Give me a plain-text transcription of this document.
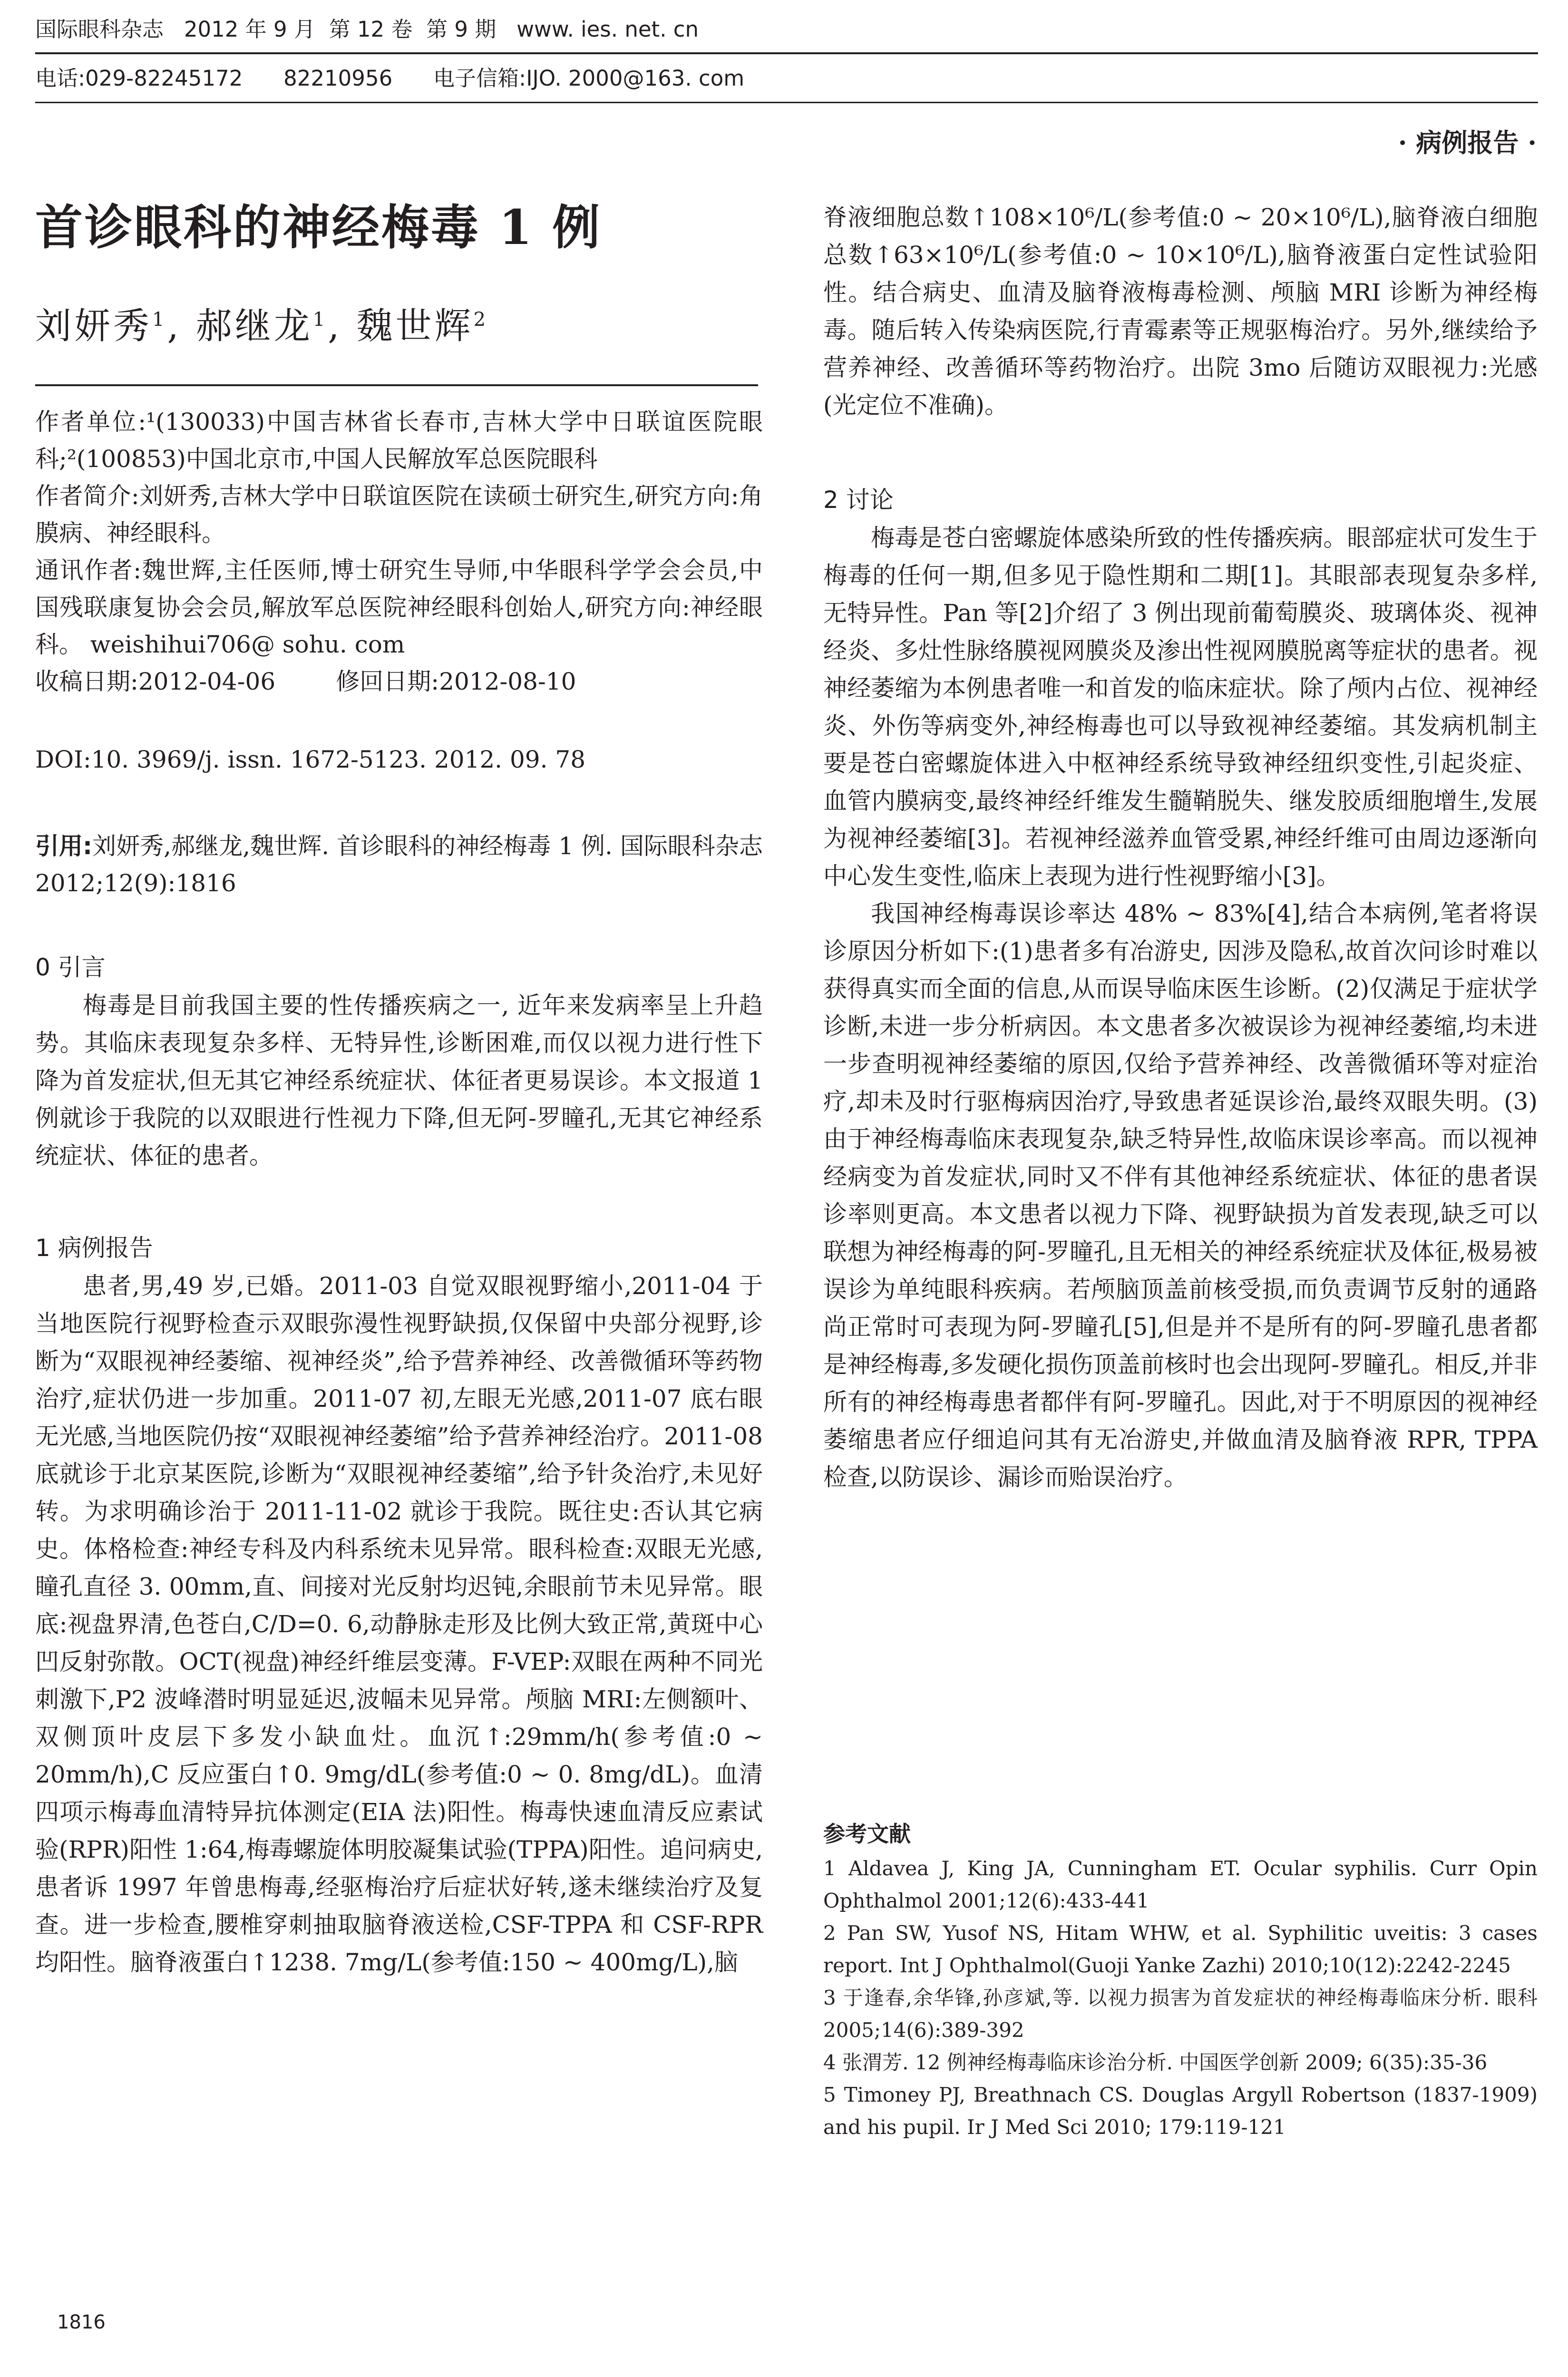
国际眼科杂志   2012 年 9 月  第 12 卷  第 9 期   www. ies. net. cn
电话:029-82245172      82210956      电子信箱:IJO. 2000@163. com
· 病例报告 ·
首诊眼科的神经梅毒 1 例
刘妍秀$^1$, 郝继龙$^1$, 魏世辉$^2$

作者单位:¹(130033)中国吉林省长春市,吉林大学中日联谊医院眼科;²(100853)中国北京市,中国人民解放军总医院眼科

作者简介:刘妍秀,吉林大学中日联谊医院在读硕士研究生,研究方向:角膜病、神经眼科。

通讯作者:魏世辉,主任医师,博士研究生导师,中华眼科学学会会员,中国残联康复协会会员,解放军总医院神经眼科创始人,研究方向:神经眼科。 weishihui706@ sohu. com

收稿日期:2012-04-06	修回日期:2012-08-10

DOI:10. 3969/j. issn. 1672-5123. 2012. 09. 78

引用:刘妍秀,郝继龙,魏世辉. 首诊眼科的神经梅毒 1 例. 国际眼科杂志 2012;12(9):1816

0 引言

梅毒是目前我国主要的性传播疾病之一, 近年来发病率呈上升趋势。其临床表现复杂多样、无特异性,诊断困难,而仅以视力进行性下降为首发症状,但无其它神经系统症状、体征者更易误诊。本文报道 1 例就诊于我院的以双眼进行性视力下降,但无阿-罗瞳孔,无其它神经系统症状、体征的患者。

1 病例报告

患者,男,49 岁,已婚。2011-03 自觉双眼视野缩小,2011-04 于当地医院行视野检查示双眼弥漫性视野缺损,仅保留中央部分视野,诊断为“双眼视神经萎缩、视神经炎”,给予营养神经、改善微循环等药物治疗,症状仍进一步加重。2011-07 初,左眼无光感,2011-07 底右眼无光感,当地医院仍按“双眼视神经萎缩”给予营养神经治疗。2011-08 底就诊于北京某医院,诊断为“双眼视神经萎缩”,给予针灸治疗,未见好转。为求明确诊治于 2011-11-02 就诊于我院。既往史:否认其它病史。体格检查:神经专科及内科系统未见异常。眼科检查:双眼无光感,瞳孔直径 3. 00mm,直、间接对光反射均迟钝,余眼前节未见异常。眼底:视盘界清,色苍白,C/D=0. 6,动静脉走形及比例大致正常,黄斑中心凹反射弥散。OCT(视盘)神经纤维层变薄。F-VEP:双眼在两种不同光刺激下,P2 波峰潜时明显延迟,波幅未见异常。颅脑 MRI:左侧额叶、双侧顶叶皮层下多发小缺血灶。血沉↑:29mm/h(参考值:0 ~ 20mm/h),C 反应蛋白↑0. 9mg/dL(参考值:0 ~ 0. 8mg/dL)。血清四项示梅毒血清特异抗体测定(EIA 法)阳性。梅毒快速血清反应素试验(RPR)阳性 1:64,梅毒螺旋体明胶凝集试验(TPPA)阳性。追问病史,患者诉 1997 年曾患梅毒,经驱梅治疗后症状好转,遂未继续治疗及复查。进一步检查,腰椎穿刺抽取脑脊液送检,CSF-TPPA 和 CSF-RPR 均阳性。脑脊液蛋白↑1238. 7mg/L(参考值:150 ~ 400mg/L),脑

脊液细胞总数↑108×10⁶/L(参考值:0 ~ 20×10⁶/L),脑脊液白细胞总数↑63×10⁶/L(参考值:0 ~ 10×10⁶/L),脑脊液蛋白定性试验阳性。结合病史、血清及脑脊液梅毒检测、颅脑 MRI 诊断为神经梅毒。随后转入传染病医院,行青霉素等正规驱梅治疗。另外,继续给予营养神经、改善循环等药物治疗。出院 3mo 后随访双眼视力:光感(光定位不准确)。

2 讨论

梅毒是苍白密螺旋体感染所致的性传播疾病。眼部症状可发生于梅毒的任何一期,但多见于隐性期和二期[1]。其眼部表现复杂多样,无特异性。Pan 等[2]介绍了 3 例出现前葡萄膜炎、玻璃体炎、视神经炎、多灶性脉络膜视网膜炎及渗出性视网膜脱离等症状的患者。视神经萎缩为本例患者唯一和首发的临床症状。除了颅内占位、视神经炎、外伤等病变外,神经梅毒也可以导致视神经萎缩。其发病机制主要是苍白密螺旋体进入中枢神经系统导致神经纽织变性,引起炎症、血管内膜病变,最终神经纤维发生髓鞘脱失、继发胶质细胞增生,发展为视神经萎缩[3]。若视神经滋养血管受累,神经纤维可由周边逐渐向中心发生变性,临床上表现为进行性视野缩小[3]。

我国神经梅毒误诊率达 48% ~ 83%[4],结合本病例,笔者将误诊原因分析如下:(1)患者多有冶游史, 因涉及隐私,故首次问诊时难以获得真实而全面的信息,从而误导临床医生诊断。(2)仅满足于症状学诊断,未进一步分析病因。本文患者多次被误诊为视神经萎缩,均未进一步查明视神经萎缩的原因,仅给予营养神经、改善微循环等对症治疗,却未及时行驱梅病因治疗,导致患者延误诊治,最终双眼失明。(3)由于神经梅毒临床表现复杂,缺乏特异性,故临床误诊率高。而以视神经病变为首发症状,同时又不伴有其他神经系统症状、体征的患者误诊率则更高。本文患者以视力下降、视野缺损为首发表现,缺乏可以联想为神经梅毒的阿-罗瞳孔,且无相关的神经系统症状及体征,极易被误诊为单纯眼科疾病。若颅脑顶盖前核受损,而负责调节反射的通路尚正常时可表现为阿-罗瞳孔[5],但是并不是所有的阿-罗瞳孔患者都是神经梅毒,多发硬化损伤顶盖前核时也会出现阿-罗瞳孔。相反,并非所有的神经梅毒患者都伴有阿-罗瞳孔。因此,对于不明原因的视神经萎缩患者应仔细追问其有无冶游史,并做血清及脑脊液 RPR, TPPA 检查,以防误诊、漏诊而贻误治疗。

参考文献

1 Aldavea J, King JA, Cunningham ET. Ocular syphilis. Curr Opin Ophthalmol 2001;12(6):433-441

2 Pan SW, Yusof NS, Hitam WHW, et al. Syphilitic uveitis: 3 cases report. Int J Ophthalmol(Guoji Yanke Zazhi) 2010;10(12):2242-2245

3 于逢春,余华锋,孙彦斌,等. 以视力损害为首发症状的神经梅毒临床分析. 眼科 2005;14(6):389-392

4 张渭芳. 12 例神经梅毒临床诊治分析. 中国医学创新 2009; 6(35):35-36

5 Timoney PJ, Breathnach CS. Douglas Argyll Robertson (1837-1909) and his pupil. Ir J Med Sci 2010; 179:119-121

1816
